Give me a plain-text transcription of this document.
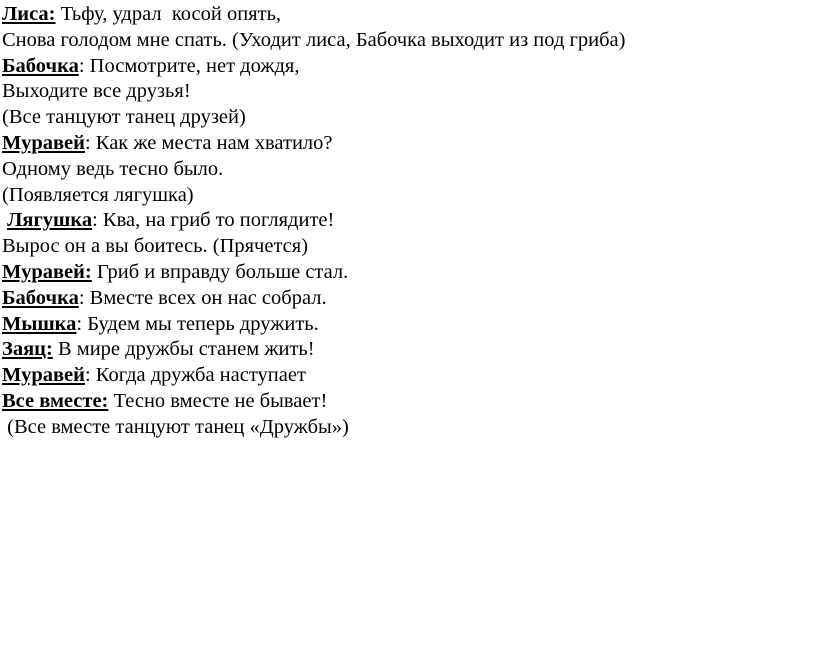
Лиса: Тьфу, удрал  косой опять,
Снова голодом мне спать. (Уходит лиса, Бабочка выходит из под гриба)
Бабочка: Посмотрите, нет дождя,
Выходите все друзья!
(Все танцуют танец друзей)
Муравей: Как же места нам хватило?
Одному ведь тесно было.
(Появляется лягушка)
Лягушка: Ква, на гриб то поглядите!
Вырос он а вы боитесь. (Прячется)
Муравей: Гриб и вправду больше стал.
Бабочка: Вместе всех он нас собрал.
Мышка: Будем мы теперь дружить.
Заяц: В мире дружбы станем жить!
Муравей: Когда дружба наступает
Все вместе: Тесно вместе не бывает!
(Все вместе танцуют танец «Дружбы»)
